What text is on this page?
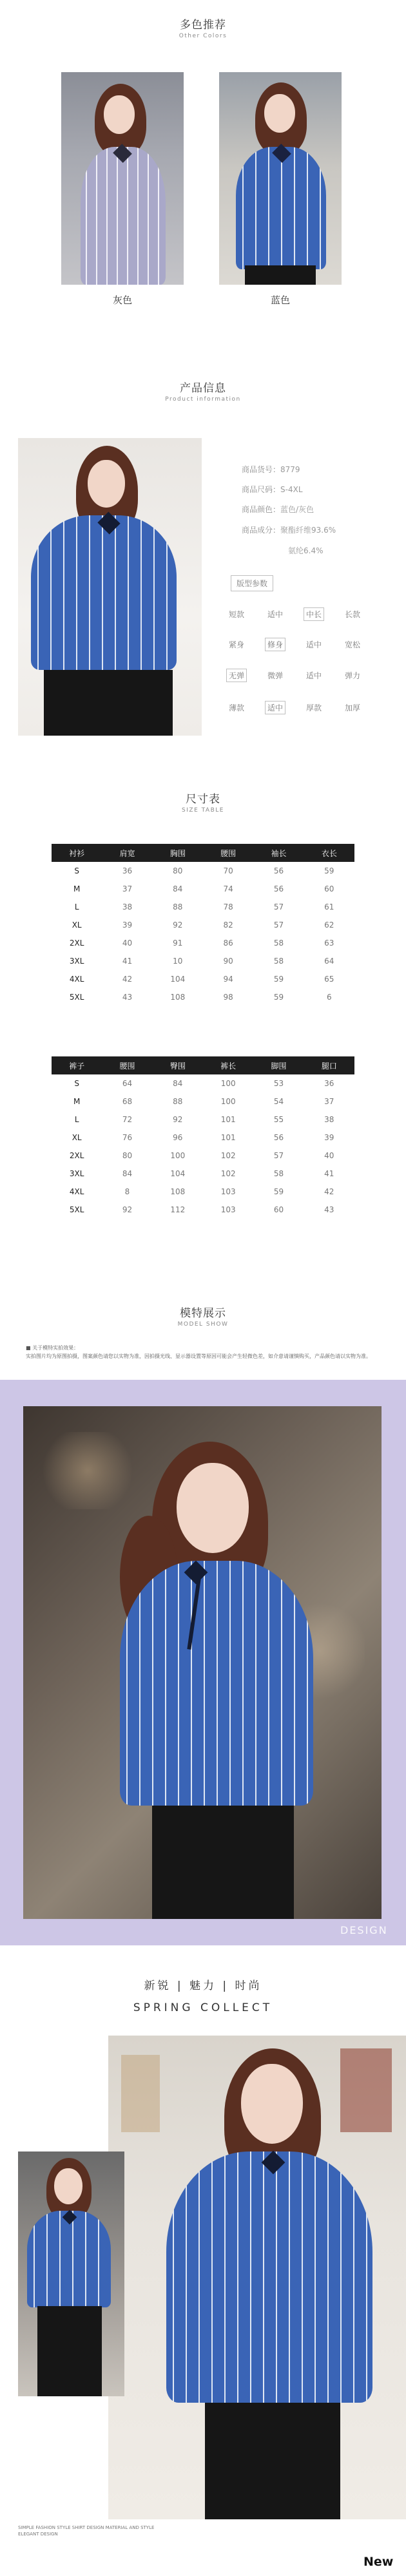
多色推荐
Other Colors
灰色	蓝色
产品信息
Product information
商品货号：8779
商品尺码：S-4XL
商品颜色：蓝色/灰色
商品成分：聚酯纤维93.6%
氨纶6.4%
版型参数
短款	适中	中长	长款
紧身	修身	适中	宽松
无弹	微弹	适中	弹力
薄款	适中	厚款	加厚
尺寸表
SIZE TABLE
衬衫	肩宽	胸围	腰围	袖长	衣长
S	36	80	70	56	59
M	37	84	74	56	60
L	38	88	78	57	61
XL	39	92	82	57	62
2XL	40	91	86	58	63
3XL	41	10	90	58	64
4XL	42	104	94	59	65
5XL	43	108	98	59	6
裤子	腰围	臀围	裤长	脚围	腿口
S	64	84	100	53	36
M	68	88	100	54	37
L	72	92	101	55	38
XL	76	96	101	56	39
2XL	80	100	102	57	40
3XL	84	104	102	58	41
4XL	8	108	103	59	42
5XL	92	112	103	60	43
模特展示
MODEL SHOW
■ 关于模特实拍效果：
实拍图片均为原图拍摄，图案颜色请您以实物为准，因拍摄光线、显示器设置等原因可能会产生轻微色差，如介意请谨慎购买，产品颜色请以实物为准。
DESIGN
新锐 | 魅力 | 时尚
SPRING COLLECT
SIMPLE FASHION STYLE SHIRT DESIGN MATERIAL AND STYLE
ELEGANT DESIGN
New
